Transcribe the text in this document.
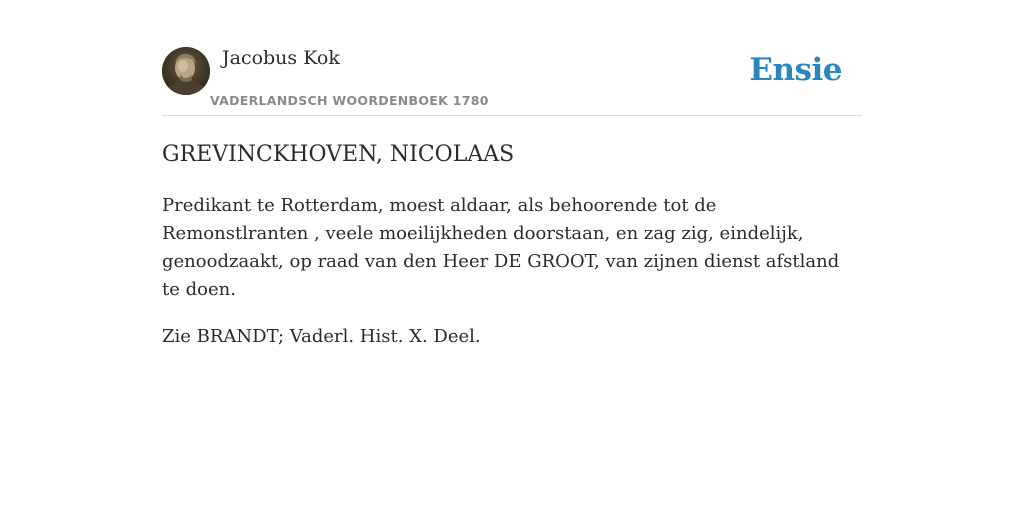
Jacobus Kok
VADERLANDSCH WOORDENBOEK 1780
Ensie
GREVINCKHOVEN, NICOLAAS

Predikant te Rotterdam, moest aldaar, als behoorende tot de Remonstlranten , veele moeilijkheden doorstaan, en zag zig, eindelijk, genoodzaakt, op raad van den Heer DE GROOT, van zijnen dienst afstland te doen.

Zie BRANDT; Vaderl. Hist. X. Deel.
